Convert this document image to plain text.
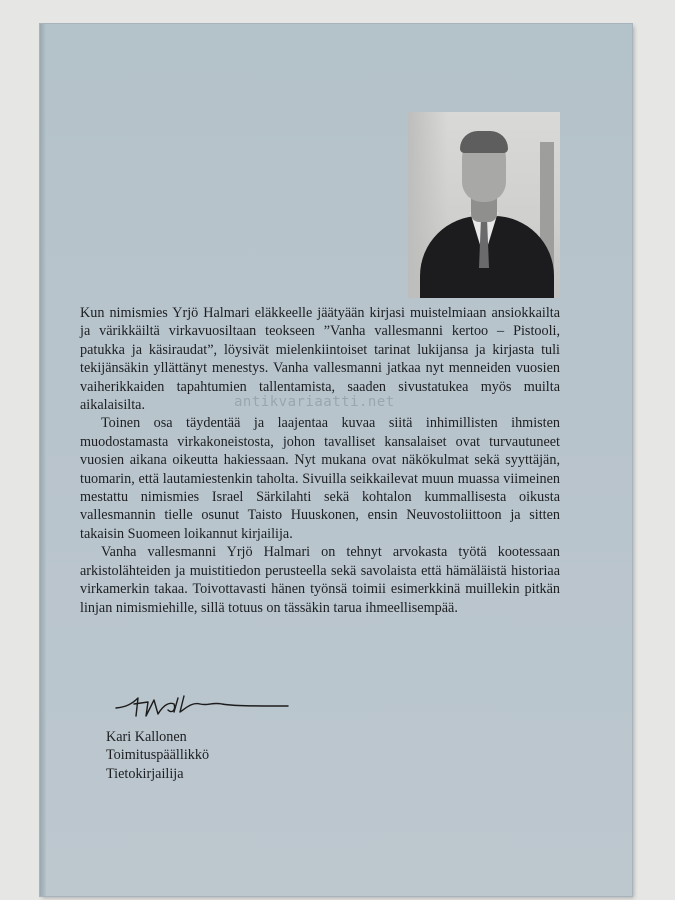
Kun nimismies Yrjö Halmari eläkkeelle jäätyään kirjasi muistelmiaan ansiokkailta ja värikkäiltä virkavuosiltaan teokseen ”Vanha vallesmanni kertoo – Pistooli, patukka ja käsiraudat”, löysivät mielenkiintoiset tarinat lukijansa ja kirjasta tuli tekijänsäkin yllättänyt menestys. Vanha vallesmanni jatkaa nyt menneiden vuosien vaiherikkaiden tapahtumien tallentamista, saaden sivustatukea myös muilta aikalaisilta.

Toinen osa täydentää ja laajentaa kuvaa siitä inhimillisten ihmisten muodostamasta virkakoneistosta, johon tavalliset kansalaiset ovat turvautuneet vuosien aikana oikeutta hakiessaan. Nyt mukana ovat näkökulmat sekä syyttäjän, tuomarin, että lautamiestenkin taholta. Sivuilla seikkailevat muun muassa viimeinen mestattu nimismies Israel Särkilahti sekä kohtalon kummallisesta oikusta vallesmannin tielle osunut Taisto Huuskonen, ensin Neuvostoliittoon ja sitten takaisin Suomeen loikannut kirjailija.

Vanha vallesmanni Yrjö Halmari on tehnyt arvokasta työtä kootessaan arkistolähteiden ja muistitiedon perusteella sekä savolaista että hämäläistä historiaa virkamerkin takaa. Toivottavasti hänen työnsä toimii esimerkkinä muillekin pitkän linjan nimismiehille, sillä totuus on tässäkin tarua ihmeellisempää.

antikvariaatti.net
Kari Kallonen
Toimituspäällikkö
Tietokirjailija
